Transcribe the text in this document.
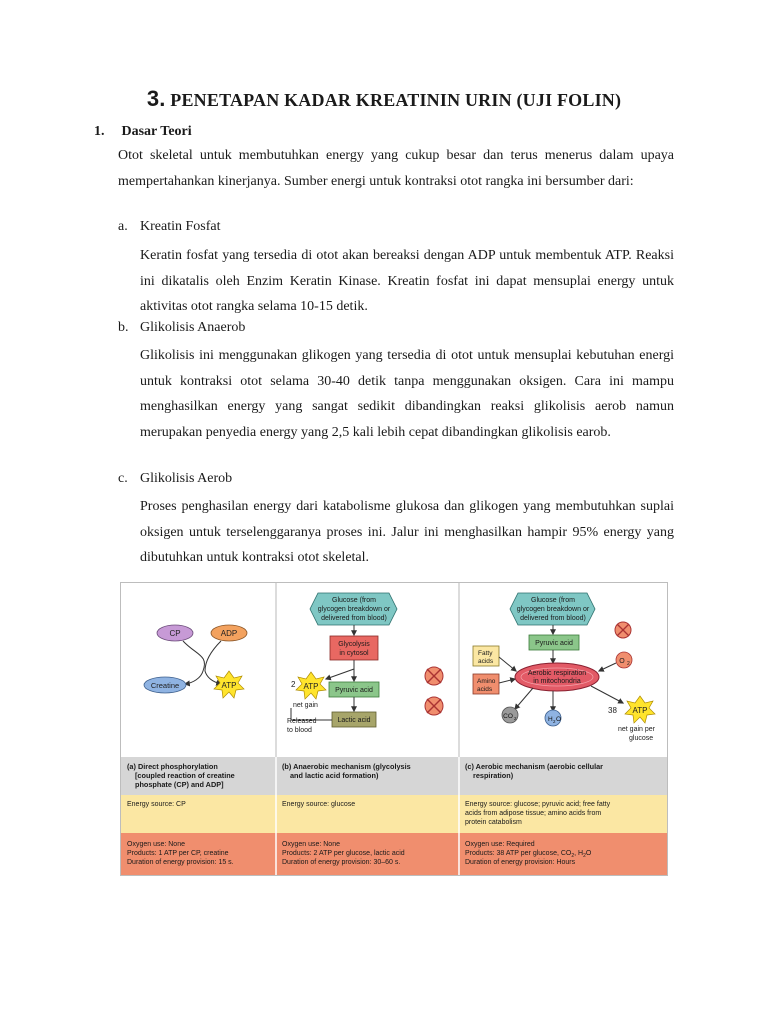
3. PENETAPAN KADAR KREATININ URIN (UJI FOLIN)
1. Dasar Teori
Otot skeletal untuk membutuhkan energy yang cukup besar dan terus menerus dalam upaya mempertahankan kinerjanya. Sumber energi untuk kontraksi otot rangka ini bersumber dari:
a. Kreatin Fosfat
Keratin fosfat yang tersedia di otot akan bereaksi dengan ADP untuk membentuk ATP. Reaksi ini dikatalis oleh Enzim Keratin Kinase. Kreatin fosfat ini dapat mensuplai energy untuk aktivitas otot rangka selama 10-15 detik.
b. Glikolisis Anaerob
Glikolisis ini menggunakan glikogen yang tersedia di otot untuk mensuplai kebutuhan energi untuk kontraksi otot selama 30-40 detik tanpa menggunakan oksigen. Cara ini mampu menghasilkan energy yang sangat sedikit dibandingkan reaksi glikolisis aerob namun merupakan penyedia energy yang 2,5 kali lebih cepat dibandingkan glikolisis earob.
c. Glikolisis Aerob
Proses penghasilan energy dari katabolisme glukosa dan glikogen yang membutuhkan suplai oksigen untuk terselenggaranya proses ini. Jalur ini menghasilkan hampir 95% energy yang dibutuhkan untuk kontraksi otot skeletal.
CP	ADP
Creatine	ATP
Glucose (from
glycogen breakdown or
delivered from blood)
Glycolysis
in cytosol
2 ATP
net gain
Pyruvic acid
Lactic acid
Released
to blood
Glucose (from
glycogen breakdown or
delivered from blood)
Pyruvic acid
O 2
Fatty
acids
Amino
acids
Aerobic respiration
in mitochondria
CO 2	H 2 O
38 ATP
net gain per
glucose
(a) Direct phosphorylation
[coupled reaction of creatine
phosphate (CP) and ADP]
(b) Anaerobic mechanism (glycolysis
and lactic acid formation)
(c) Aerobic mechanism (aerobic cellular
respiration)
Energy source: CP	Energy source: glucose	Energy source: glucose; pyruvic acid; free fatty
acids from adipose tissue; amino acids from
protein catabolism
Oxygen use: None
Products: 1 ATP per CP, creatine
Duration of energy provision: 15 s.
Oxygen use: None
Products: 2 ATP per glucose, lactic acid
Duration of energy provision: 30–60 s.
Oxygen use: Required
Products: 38 ATP per glucose, $CO_2$, $H_2O$
Duration of energy provision: Hours
